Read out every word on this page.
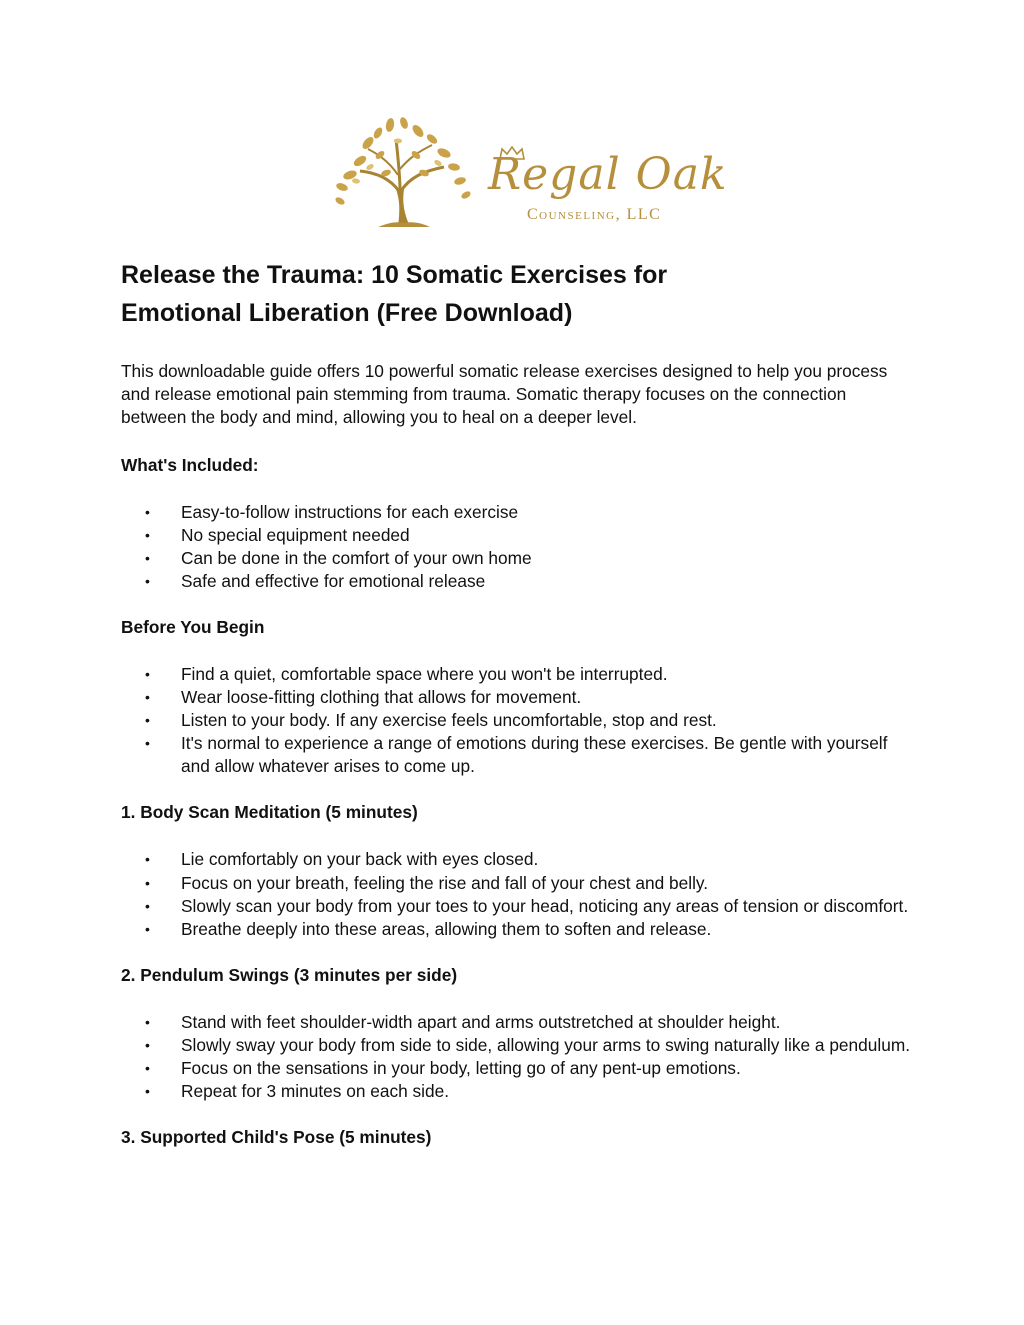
Regal Oak
Counseling, LLC
Release the Trauma: 10 Somatic Exercises for
Emotional Liberation (Free Download)

This downloadable guide offers 10 powerful somatic release exercises designed to help you process and release emotional pain stemming from trauma. Somatic therapy focuses on the connection between the body and mind, allowing you to heal on a deeper level.

What's Included:
• Easy-to-follow instructions for each exercise
• No special equipment needed
• Can be done in the comfort of your own home
• Safe and effective for emotional release
Before You Begin
• Find a quiet, comfortable space where you won't be interrupted.
• Wear loose-fitting clothing that allows for movement.
• Listen to your body. If any exercise feels uncomfortable, stop and rest.
• It's normal to experience a range of emotions during these exercises. Be gentle with yourself and allow whatever arises to come up.
1. Body Scan Meditation (5 minutes)
• Lie comfortably on your back with eyes closed.
• Focus on your breath, feeling the rise and fall of your chest and belly.
• Slowly scan your body from your toes to your head, noticing any areas of tension or discomfort.
• Breathe deeply into these areas, allowing them to soften and release.
2. Pendulum Swings (3 minutes per side)
• Stand with feet shoulder-width apart and arms outstretched at shoulder height.
• Slowly sway your body from side to side, allowing your arms to swing naturally like a pendulum.
• Focus on the sensations in your body, letting go of any pent-up emotions.
• Repeat for 3 minutes on each side.
3. Supported Child's Pose (5 minutes)
